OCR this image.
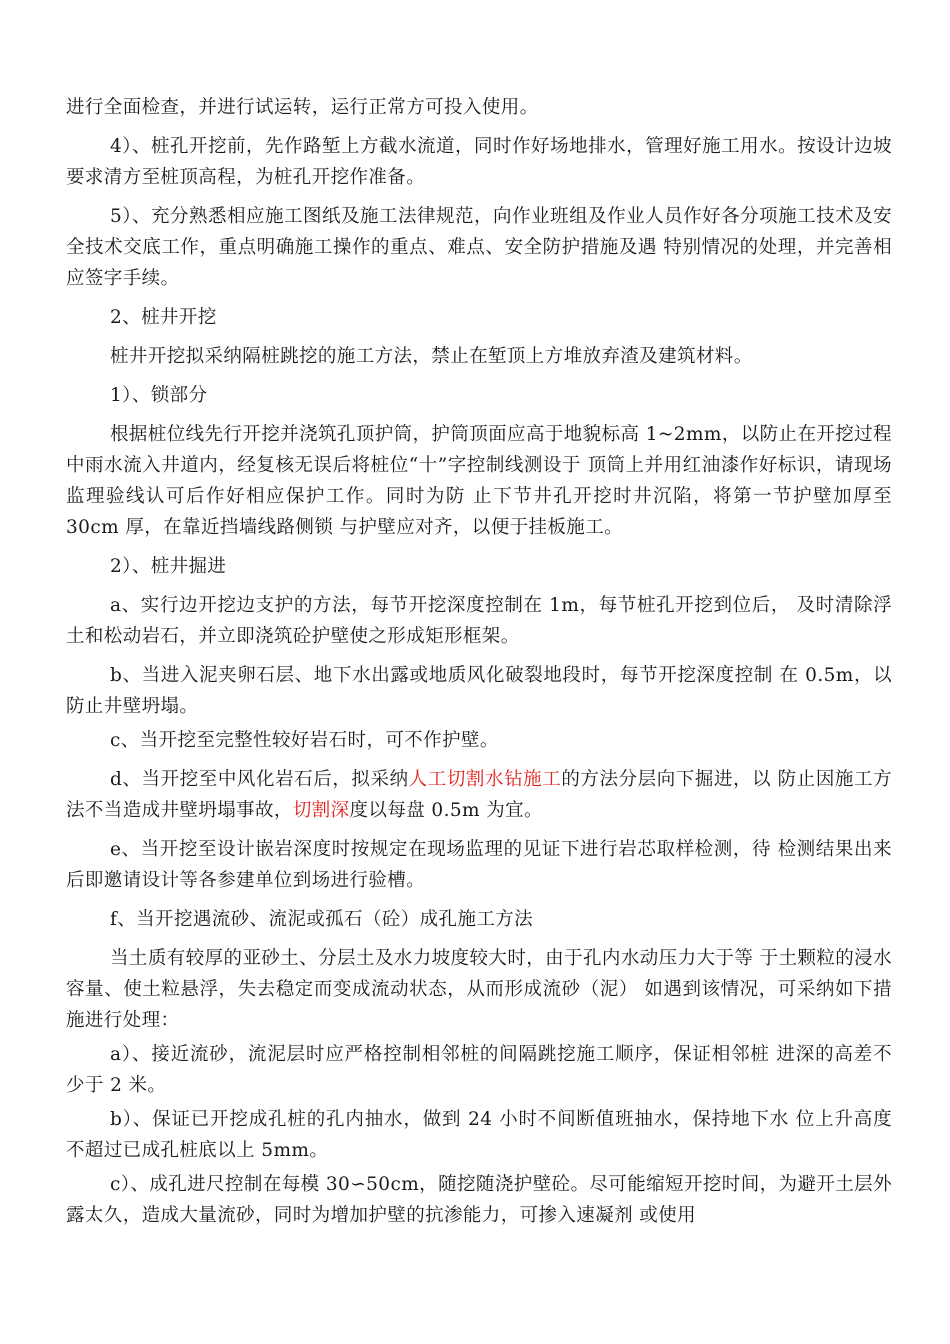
进行全面检查，并进行试运转，运行正常方可投入使用。

4）、桩孔开挖前，先作路堑上方截水流道，同时作好场地排水，管理好施工用水。按设计边坡要求清方至桩顶高程，为桩孔开挖作准备。

5）、充分熟悉相应施工图纸及施工法律规范，向作业班组及作业人员作好各分项施工技术及安全技术交底工作，重点明确施工操作的重点、难点、安全防护措施及遇 特别情况的处理，并完善相应签字手续。

2、桩井开挖

桩井开挖拟采纳隔桩跳挖的施工方法，禁止在堑顶上方堆放弃渣及建筑材料。

1）、锁部分

根据桩位线先行开挖并浇筑孔顶护筒，护筒顶面应高于地貌标高 1~2mm，以防止在开挖过程中雨水流入井道内，经复核无误后将桩位“十”字控制线测设于 顶筒上并用红油漆作好标识，请现场监理验线认可后作好相应保护工作。同时为防 止下节井孔开挖时井沉陷，将第一节护壁加厚至 30cm 厚，在靠近挡墙线路侧锁 与护壁应对齐，以便于挂板施工。

2）、桩井掘进

a、实行边开挖边支护的方法，每节开挖深度控制在 1m，每节桩孔开挖到位后， 及时清除浮土和松动岩石，并立即浇筑砼护壁使之形成矩形框架。

b、当进入泥夹卵石层、地下水出露或地质风化破裂地段时，每节开挖深度控制 在 0.5m，以防止井壁坍塌。

c、当开挖至完整性较好岩石时，可不作护壁。

d、当开挖至中风化岩石后，拟采纳人工切割水钻施工的方法分层向下掘进，以 防止因施工方法不当造成井壁坍塌事故，切割深度以每盘 0.5m 为宜。

e、当开挖至设计嵌岩深度时按规定在现场监理的见证下进行岩芯取样检测，待 检测结果出来后即邀请设计等各参建单位到场进行验槽。

f、当开挖遇流砂、流泥或孤石（砼）成孔施工方法

当土质有较厚的亚砂土、分层土及水力坡度较大时，由于孔内水动压力大于等 于土颗粒的浸水容量、使土粒悬浮，失去稳定而变成流动状态，从而形成流砂（泥） 如遇到该情况，可采纳如下措施进行处理：

a）、接近流砂，流泥层时应严格控制相邻桩的间隔跳挖施工顺序，保证相邻桩 进深的高差不少于 2 米。

b）、保证已开挖成孔桩的孔内抽水，做到 24 小时不间断值班抽水，保持地下水 位上升高度不超过已成孔桩底以上 5mm。

c）、成孔进尺控制在每模 30∽50cm，随挖随浇护壁砼。尽可能缩短开挖时间，为避开土层外露太久，造成大量流砂，同时为增加护壁的抗渗能力，可掺入速凝剂 或使用
